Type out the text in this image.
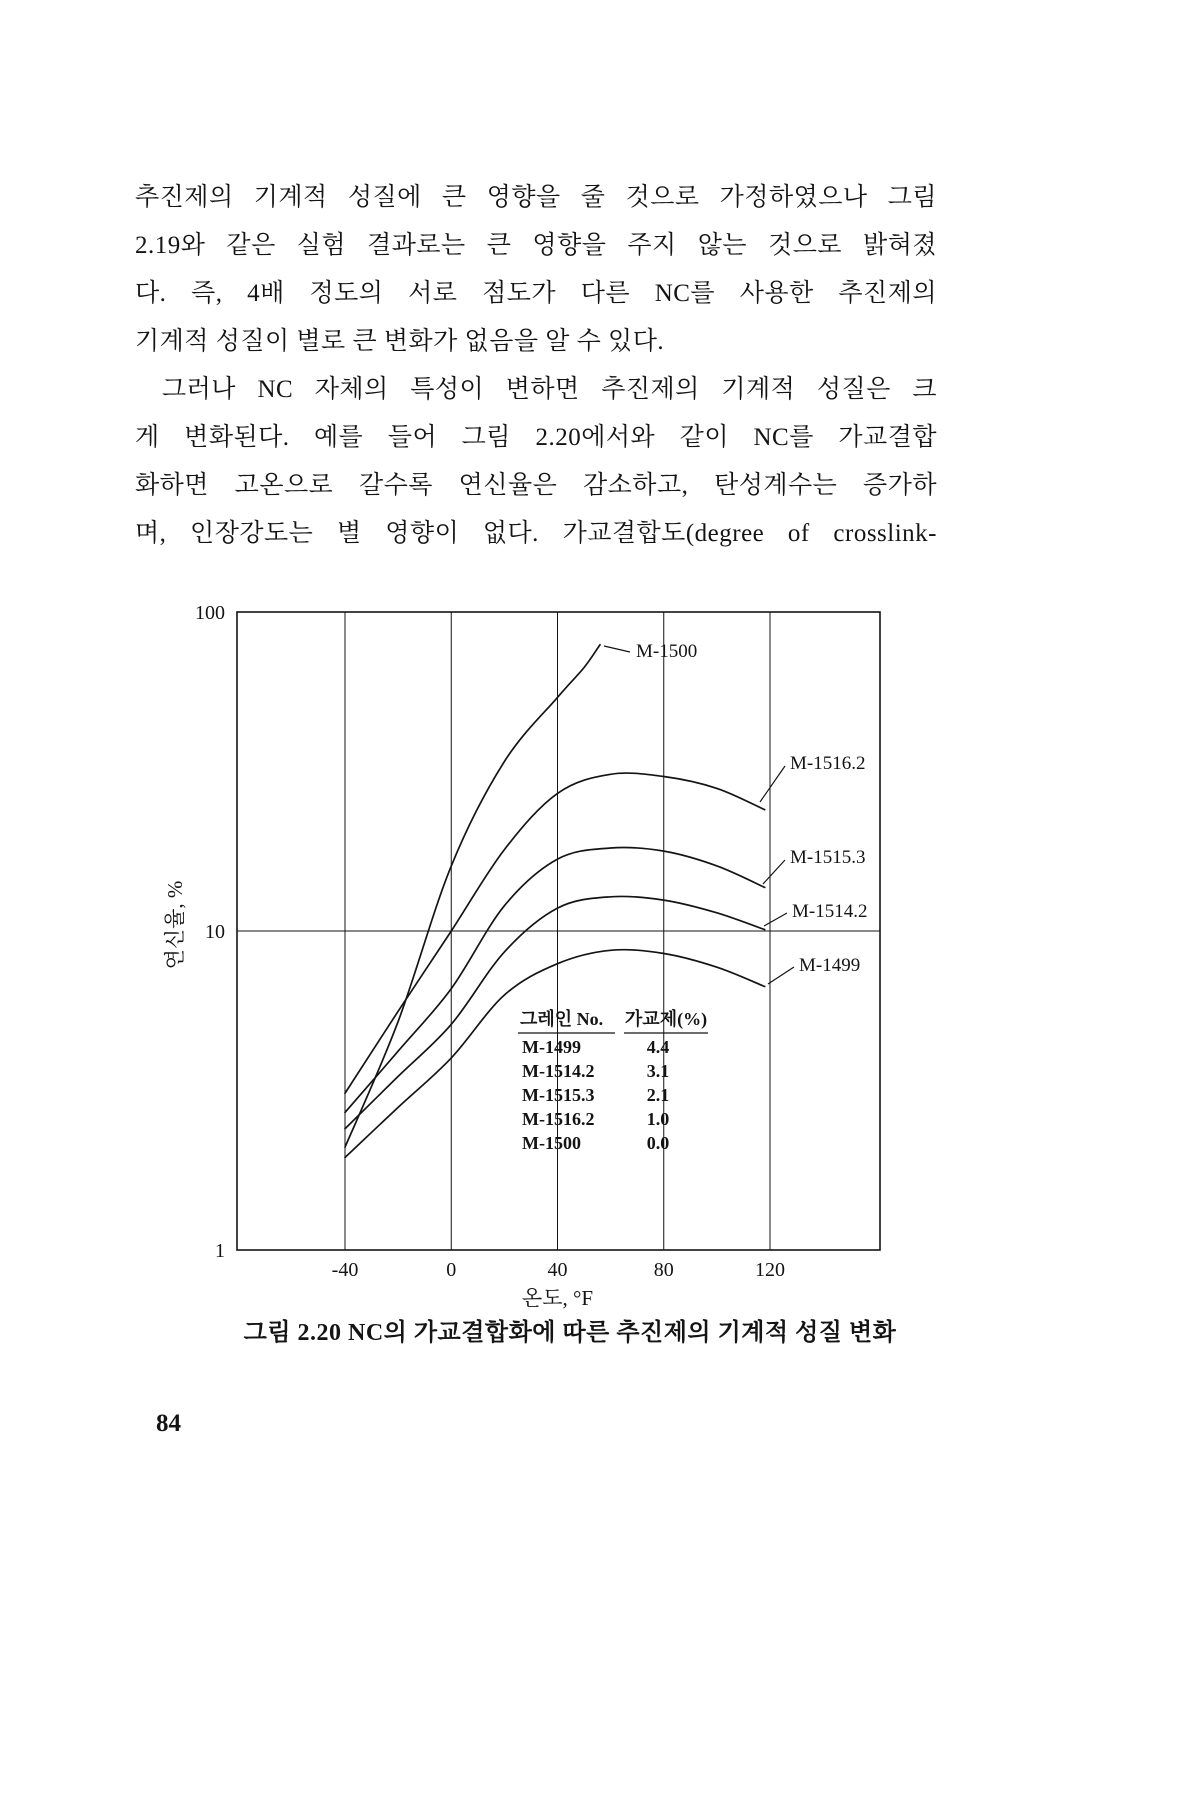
추진제의 기계적 성질에 큰 영향을 줄 것으로 가정하였으나 그림
2.19와 같은 실험 결과로는 큰 영향을 주지 않는 것으로 밝혀졌
다. 즉, 4배 정도의 서로 점도가 다른 NC를 사용한 추진제의
기계적 성질이 별로 큰 변화가 없음을 알 수 있다.
그러나 NC 자체의 특성이 변하면 추진제의 기계적 성질은 크
게 변화된다. 예를 들어 그림 2.20에서와 같이 NC를 가교결합
화하면 고온으로 갈수록 연신율은 감소하고, 탄성계수는 증가하
며, 인장강도는 별 영향이 없다. 가교결합도(degree of crosslink-
1
10
100
-40	0	40	80	120
온도, °F
연신율, %
M-1500
M-1516.2
M-1515.3
M-1514.2
M-1499
그레인 No. 가교제(%)
M-1499	4.4
M-1514.2	3.1
M-1515.3	2.1
M-1516.2	1.0
M-1500	0.0
그림 2.20 NC의 가교결합화에 따른 추진제의 기계적 성질 변화
84
